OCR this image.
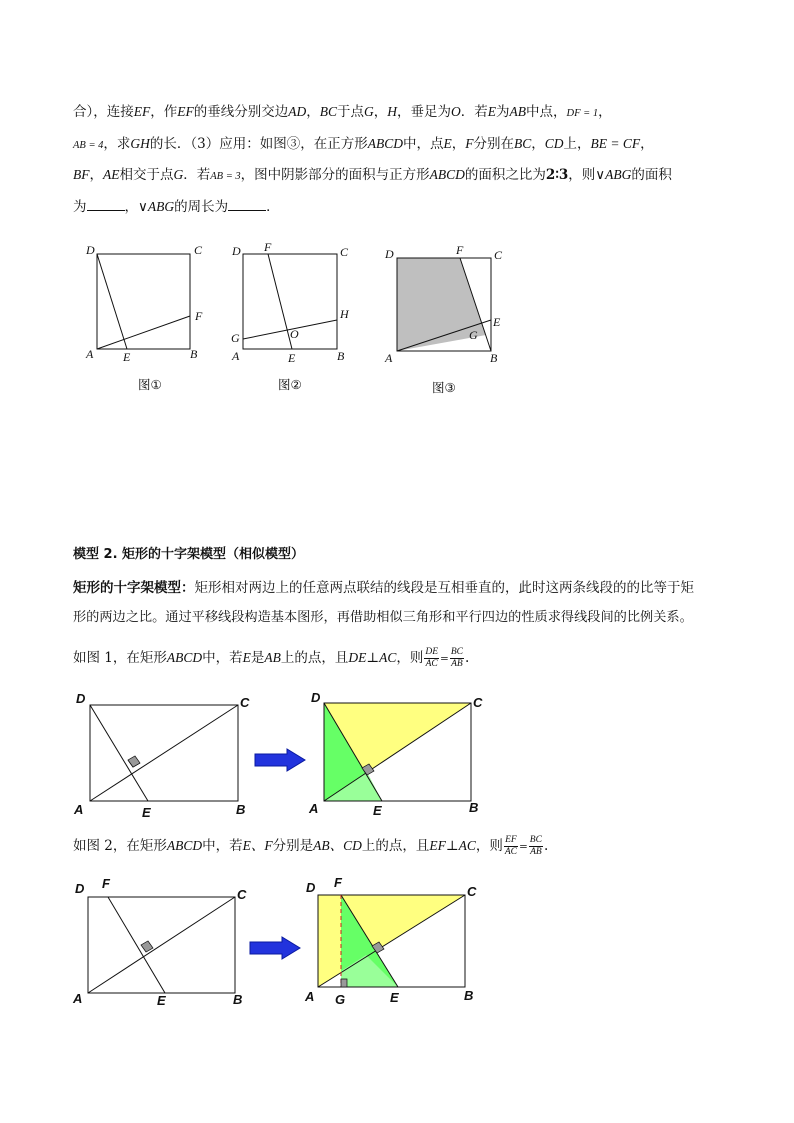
合），连接EF，作EF的垂线分别交边AD，BC于点G，H，垂足为O．若E为AB中点，DF = 1，
AB = 4，求GH的长．（3）应用：如图③，在正方形ABCD中，点E，F分别在BC，CD上，BE = CF，
BF，AE相交于点G．若AB = 3，图中阴影部分的面积与正方形ABCD的面积之比为2∶3，则∨ABG的面积
为	，∨ABG的周长为	．
D	C
F
A E	B
图①
D F	C
G	O
H
A	E	B
图②
D	F	C
E
G
A	B
图③
模型 2. 矩形的十字架模型（相似模型）
矩形的十字架模型：矩形相对两边上的任意两点联结的线段是互相垂直的，此时这两条线段的的比等于矩
形的两边之比。通过平移线段构造基本图形，再借助相似三角形和平行四边的性质求得线段间的比例关系。
如图 1，在矩形ABCD中，若E是AB上的点，且DE⊥AC，则 $\frac{DE}{AC} = \frac{BC}{AB}$ .
D	C
A	E	B
D	C
A	E	B
如图 2，在矩形ABCD中，若E、F分别是AB、CD上的点，且EF⊥AC，则 $\frac{EF}{AC} = \frac{BC}{AB}$ .
D F
C
A	E	B
D F
C
A G	E	B
